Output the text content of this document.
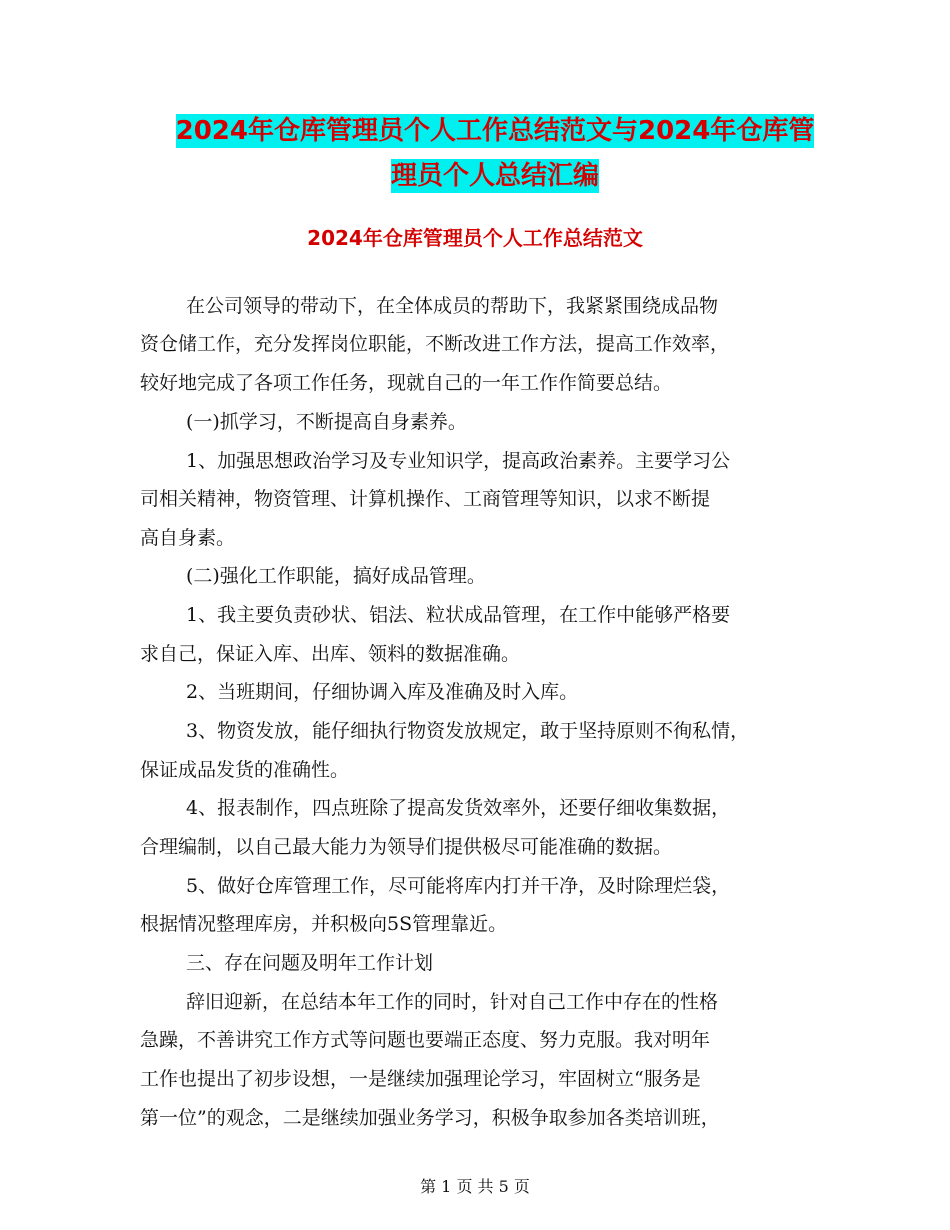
2024年仓库管理员个人工作总结范文与2024年仓库管
理员个人总结汇编
2024年仓库管理员个人工作总结范文
在公司领导的带动下，在全体成员的帮助下，我紧紧围绕成品物
资仓储工作，充分发挥岗位职能，不断改进工作方法，提高工作效率，
较好地完成了各项工作任务，现就自己的一年工作作简要总结。
(一)抓学习，不断提高自身素养。
1、加强思想政治学习及专业知识学，提高政治素养。主要学习公
司相关精神，物资管理、计算机操作、工商管理等知识，以求不断提
高自身素。
(二)强化工作职能，搞好成品管理。
1、我主要负责砂状、铝法、粒状成品管理，在工作中能够严格要
求自己，保证入库、出库、领料的数据准确。
2、当班期间，仔细协调入库及准确及时入库。
3、物资发放，能仔细执行物资发放规定，敢于坚持原则不徇私情，
保证成品发货的准确性。
4、报表制作，四点班除了提高发货效率外，还要仔细收集数据，
合理编制，以自己最大能力为领导们提供极尽可能准确的数据。
5、做好仓库管理工作，尽可能将库内打并干净，及时除理烂袋，
根据情况整理库房，并积极向5S管理靠近。
三、存在问题及明年工作计划
辞旧迎新，在总结本年工作的同时，针对自己工作中存在的性格
急躁，不善讲究工作方式等问题也要端正态度、努力克服。我对明年
工作也提出了初步设想，一是继续加强理论学习，牢固树立“服务是
第一位”的观念，二是继续加强业务学习，积极争取参加各类培训班，
第 1 页 共 5 页
